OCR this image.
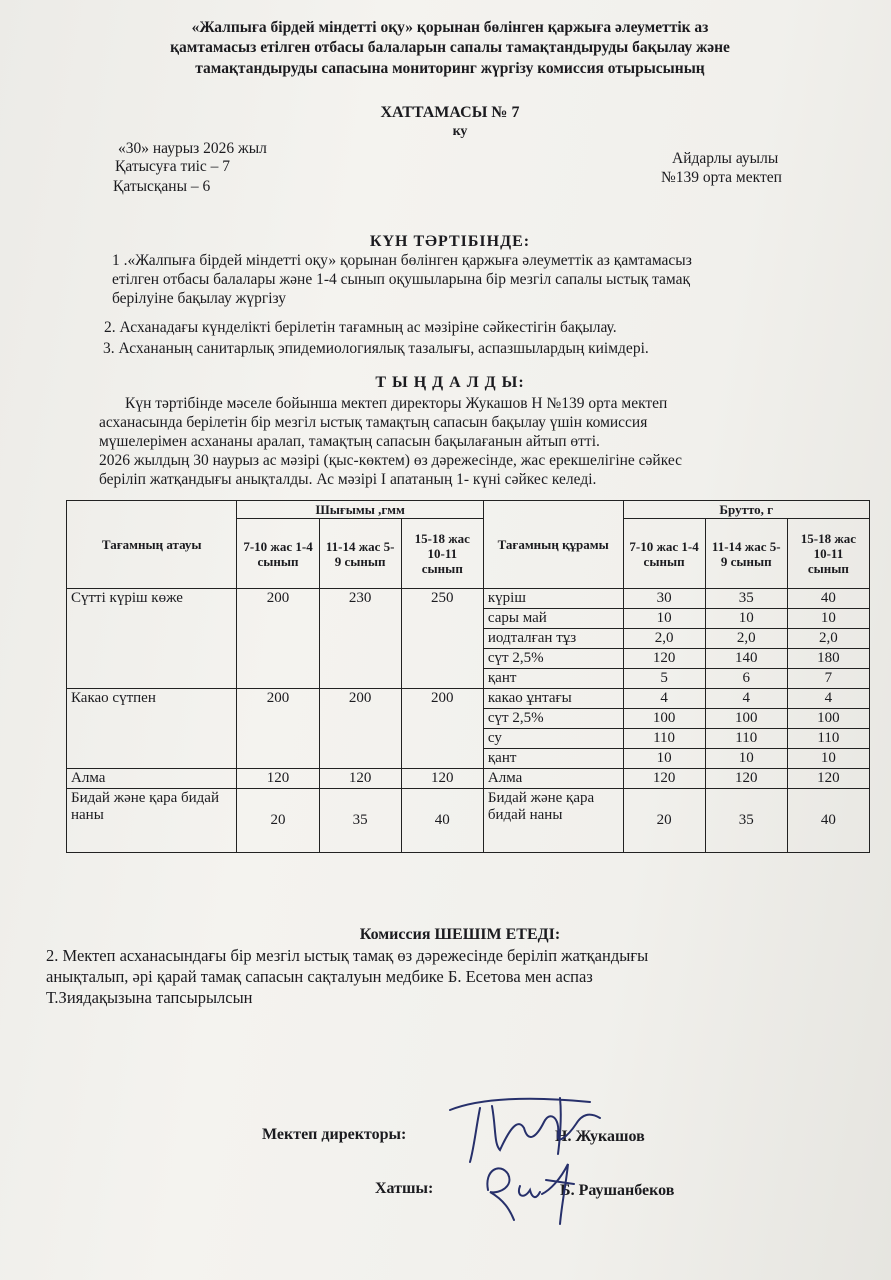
«Жалпыға бірдей міндетті оқу» қорынан бөлінген қаржыға әлеуметтік аз
қамтамасыз етілген отбасы балаларын сапалы тамақтандыруды бақылау және
тамақтандыруды сапасына мониторинг жүргізу комиссия отырысының
ХАТТАМАСЫ № 7
ку
«30» наурыз 2026 жыл
Қатысуға тиіс – 7
Қатысқаны – 6
Айдарлы ауылы
№139 орта мектеп
КҮН ТӘРТІБІНДЕ:
1 .«Жалпыға бірдей міндетті оқу» қорынан бөлінген қаржыға әлеуметтік аз қамтамасыз
етілген отбасы балалары және 1-4 сынып оқушыларына бір мезгіл сапалы ыстық тамақ
берілуіне бақылау жүргізу
2. Асханадағы күнделікті берілетін тағамның ас мәзіріне сәйкестігін бақылау.
3. Асхананың санитарлық эпидемиологиялық тазалығы, аспазшылардың киімдері.
Т Ы Ң Д А Л Д Ы:
Күн тәртібінде мәселе бойынша мектеп директоры Жукашов Н №139 орта мектеп
асханасында берілетін бір мезгіл ыстық тамақтың сапасын бақылау үшін комиссия
мүшелерімен асхананы аралап, тамақтың сапасын бақылағанын айтып өтті.
2026 жылдың 30 наурыз ас мәзірі (қыс-көктем) өз дәрежесінде, жас ерекшелігіне сәйкес
беріліп жатқандығы анықталды. Ас мәзірі І апатаның 1- күні сәйкес келеді.
Тағамның атауы	Шығымы ,гмм			Тағамның құрамы	Брутто, г		
	7-10 жас 1-4 сынып	11-14 жас 5-9 сынып	15-18 жас 10-11 сынып		7-10 жас 1-4 сынып	11-14 жас 5-9 сынып	15-18 жас 10-11 сынып
Сүтті күріш көже	200	230	250	күріш	30	35	40
				сары май	10	10	10
				иодталған тұз	2,0	2,0	2,0
				сүт 2,5%	120	140	180
				қант	5	6	7
Какао сүтпен	200	200	200	какао ұнтағы	4	4	4
				сүт 2,5%	100	100	100
				су	110	110	110
				қант	10	10	10
Алма	120	120	120	Алма	120	120	120
Бидай және қара бидай наны	20	35	40	Бидай және қара бидай наны	20	35	40
Комиссия ШЕШІМ ЕТЕДІ:
2. Мектеп асханасындағы бір мезгіл ыстық тамақ өз дәрежесінде беріліп жатқандығы
анықталып, әрі қарай тамақ сапасын сақталуын медбике Б. Есетова мен аспаз
Т.Зиядақызына тапсырылсын
Мектеп директоры:	Н. Жукашов
Хатшы:	Б. Раушанбеков
